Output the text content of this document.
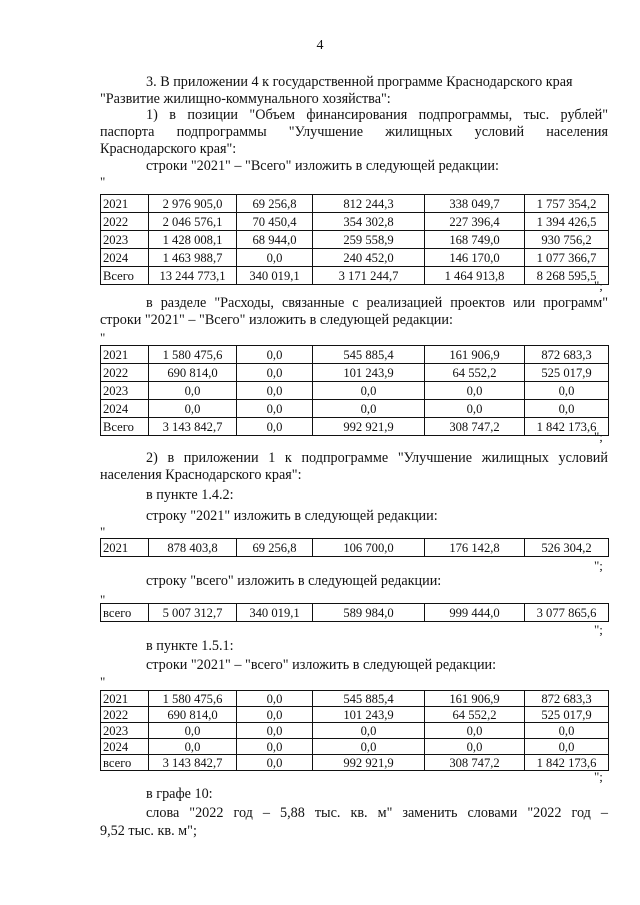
4
3. В приложении 4 к государственной программе Краснодарского края
"Развитие жилищно-коммунального хозяйства":
1) в позиции "Объем финансирования подпрограммы, тыс. рублей"
паспорта подпрограммы "Улучшение жилищных условий населения
Краснодарского края":
строки "2021" – "Всего" изложить в следующей редакции:
"
2021	2 976 905,0	69 256,8	812 244,3	338 049,7	1 757 354,2
2022	2 046 576,1	70 450,4	354 302,8	227 396,4	1 394 426,5
2023	1 428 008,1	68 944,0	259 558,9	168 749,0	930 756,2
2024	1 463 988,7	0,0	240 452,0	146 170,0	1 077 366,7
Всего	13 244 773,1	340 019,1	3 171 244,7	1 464 913,8	8 268 595,5
";
в разделе "Расходы, связанные с реализацией проектов или программ"
строки "2021" – "Всего" изложить в следующей редакции:
"
2021	1 580 475,6	0,0	545 885,4	161 906,9	872 683,3
2022	690 814,0	0,0	101 243,9	64 552,2	525 017,9
2023	0,0	0,0	0,0	0,0	0,0
2024	0,0	0,0	0,0	0,0	0,0
Всего	3 143 842,7	0,0	992 921,9	308 747,2	1 842 173,6
";
2) в приложении 1 к подпрограмме "Улучшение жилищных условий
населения Краснодарского края":
в пункте 1.4.2:
строку "2021" изложить в следующей редакции:
"
2021	878 403,8	69 256,8	106 700,0	176 142,8	526 304,2
";
строку "всего" изложить в следующей редакции:
"
всего	5 007 312,7	340 019,1	589 984,0	999 444,0	3 077 865,6
";
в пункте 1.5.1:
строки "2021" – "всего" изложить в следующей редакции:
"
2021	1 580 475,6	0,0	545 885,4	161 906,9	872 683,3
2022	690 814,0	0,0	101 243,9	64 552,2	525 017,9
2023	0,0	0,0	0,0	0,0	0,0
2024	0,0	0,0	0,0	0,0	0,0
всего	3 143 842,7	0,0	992 921,9	308 747,2	1 842 173,6
";
в графе 10:
слова "2022 год – 5,88 тыс. кв. м" заменить словами "2022 год –
9,52 тыс. кв. м";
